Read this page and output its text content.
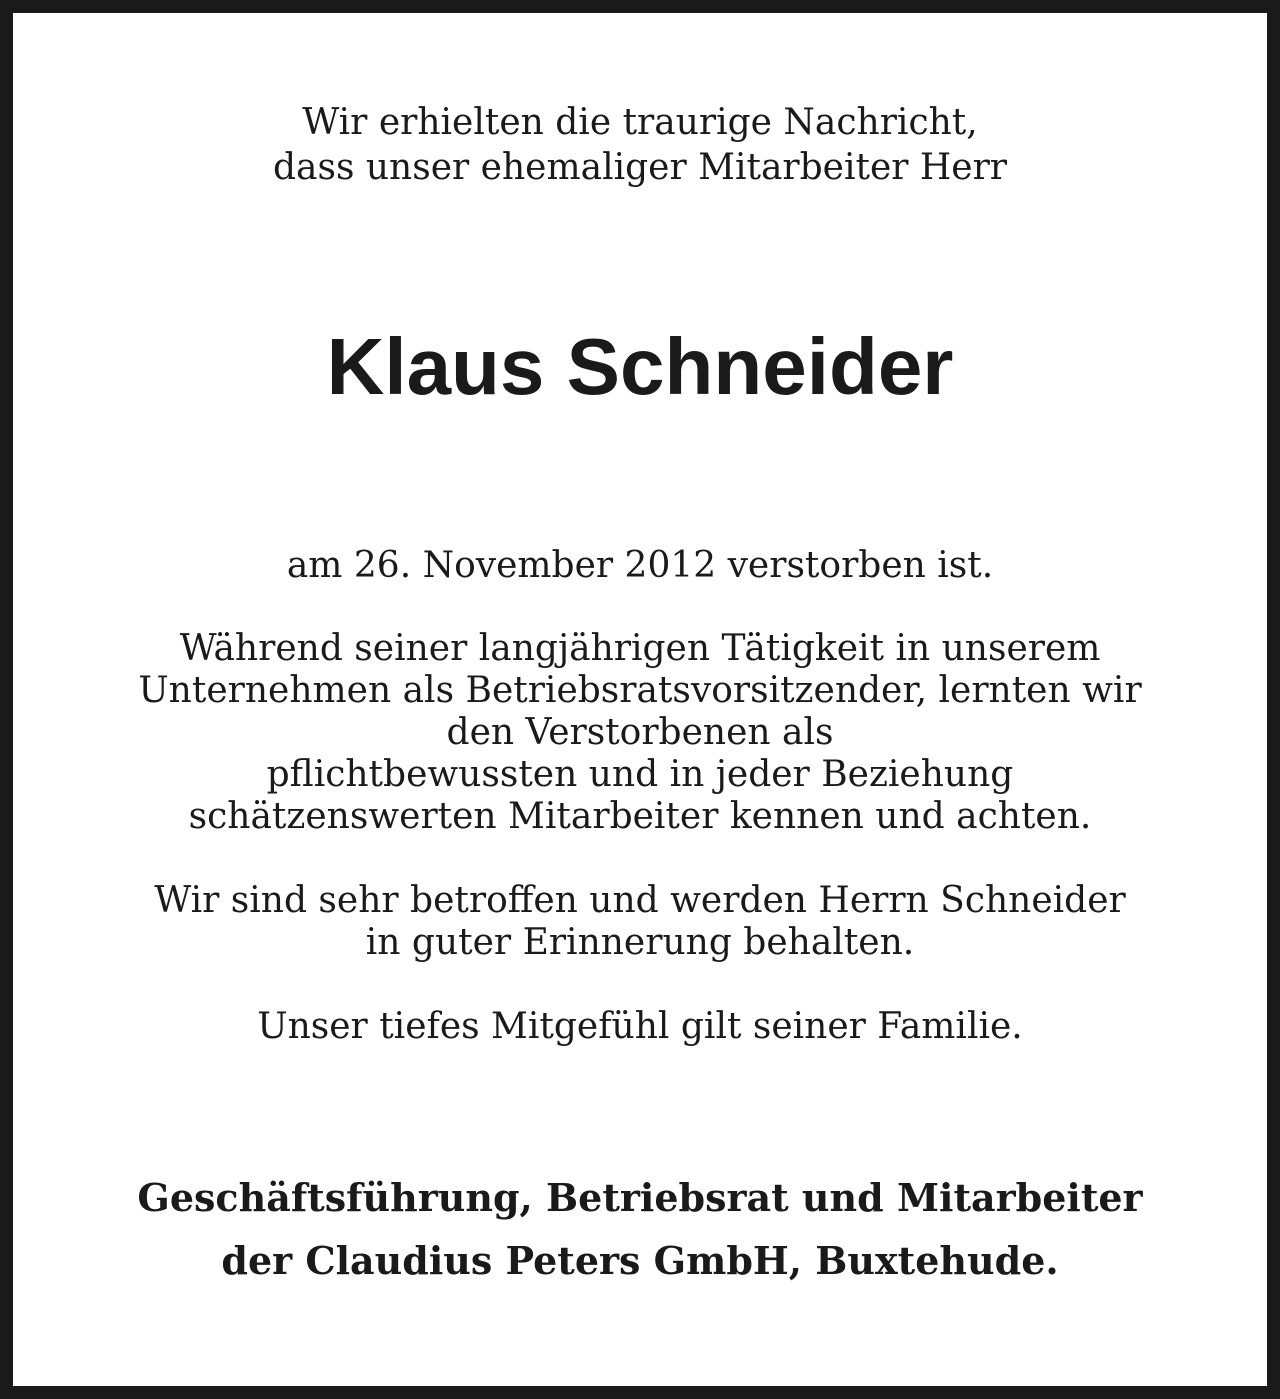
Wir erhielten die traurige Nachricht,
dass unser ehemaliger Mitarbeiter Herr
Klaus Schneider
am 26. November 2012 verstorben ist.
Während seiner langjährigen Tätigkeit in unserem
Unternehmen als Betriebsratsvorsitzender, lernten wir
den Verstorbenen als
pflichtbewussten und in jeder Beziehung
schätzenswerten Mitarbeiter kennen und achten.
Wir sind sehr betroffen und werden Herrn Schneider
in guter Erinnerung behalten.
Unser tiefes Mitgefühl gilt seiner Familie.
Geschäftsführung, Betriebsrat und Mitarbeiter
der Claudius Peters GmbH, Buxtehude.
